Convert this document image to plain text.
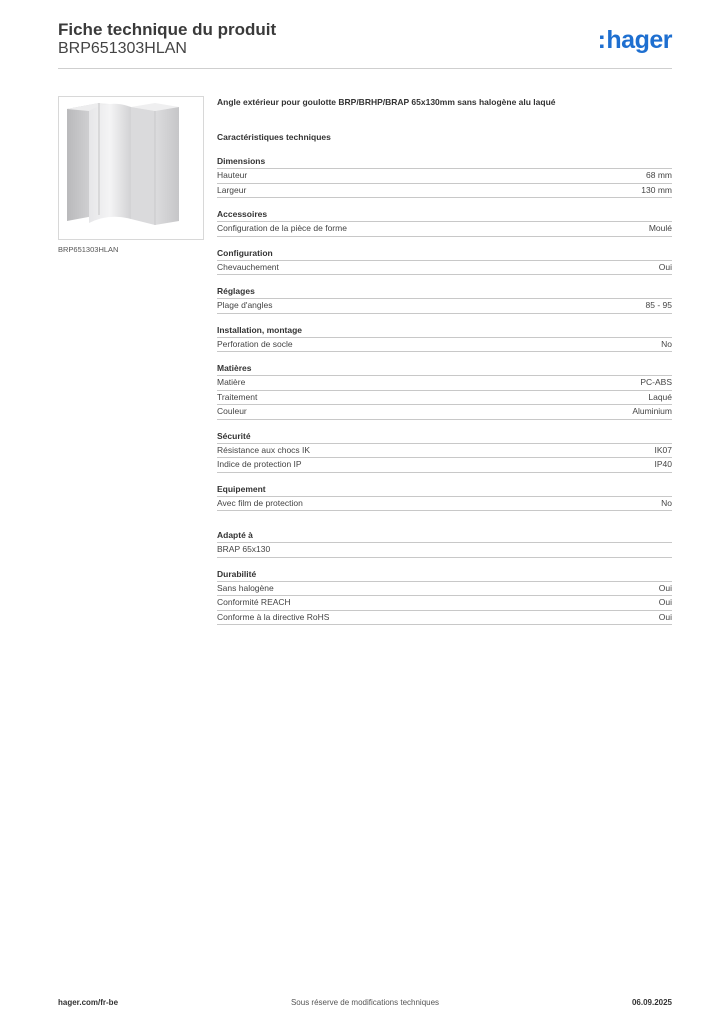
Fiche technique du produit
BRP651303HLAN	:hager
BRP651303HLAN
Angle extérieur pour goulotte BRP/BRHP/BRAP 65x130mm sans halogène alu laqué
Caractéristiques techniques
Dimensions
Hauteur	68 mm
Largeur	130 mm
Accessoires
Configuration de la pièce de forme	Moulé
Configuration
Chevauchement	Oui
Réglages
Plage d'angles	85 - 95
Installation, montage
Perforation de socle	No
Matières
Matière	PC-ABS
Traitement	Laqué
Couleur	Aluminium
Sécurité
Résistance aux chocs IK	IK07
Indice de protection IP	IP40
Equipement
Avec film de protection	No
Adapté à
BRAP 65x130
Durabilité
Sans halogène	Oui
Conformité REACH	Oui
Conforme à la directive RoHS	Oui
hager.com/fr-be	Sous réserve de modifications techniques	06.09.2025
